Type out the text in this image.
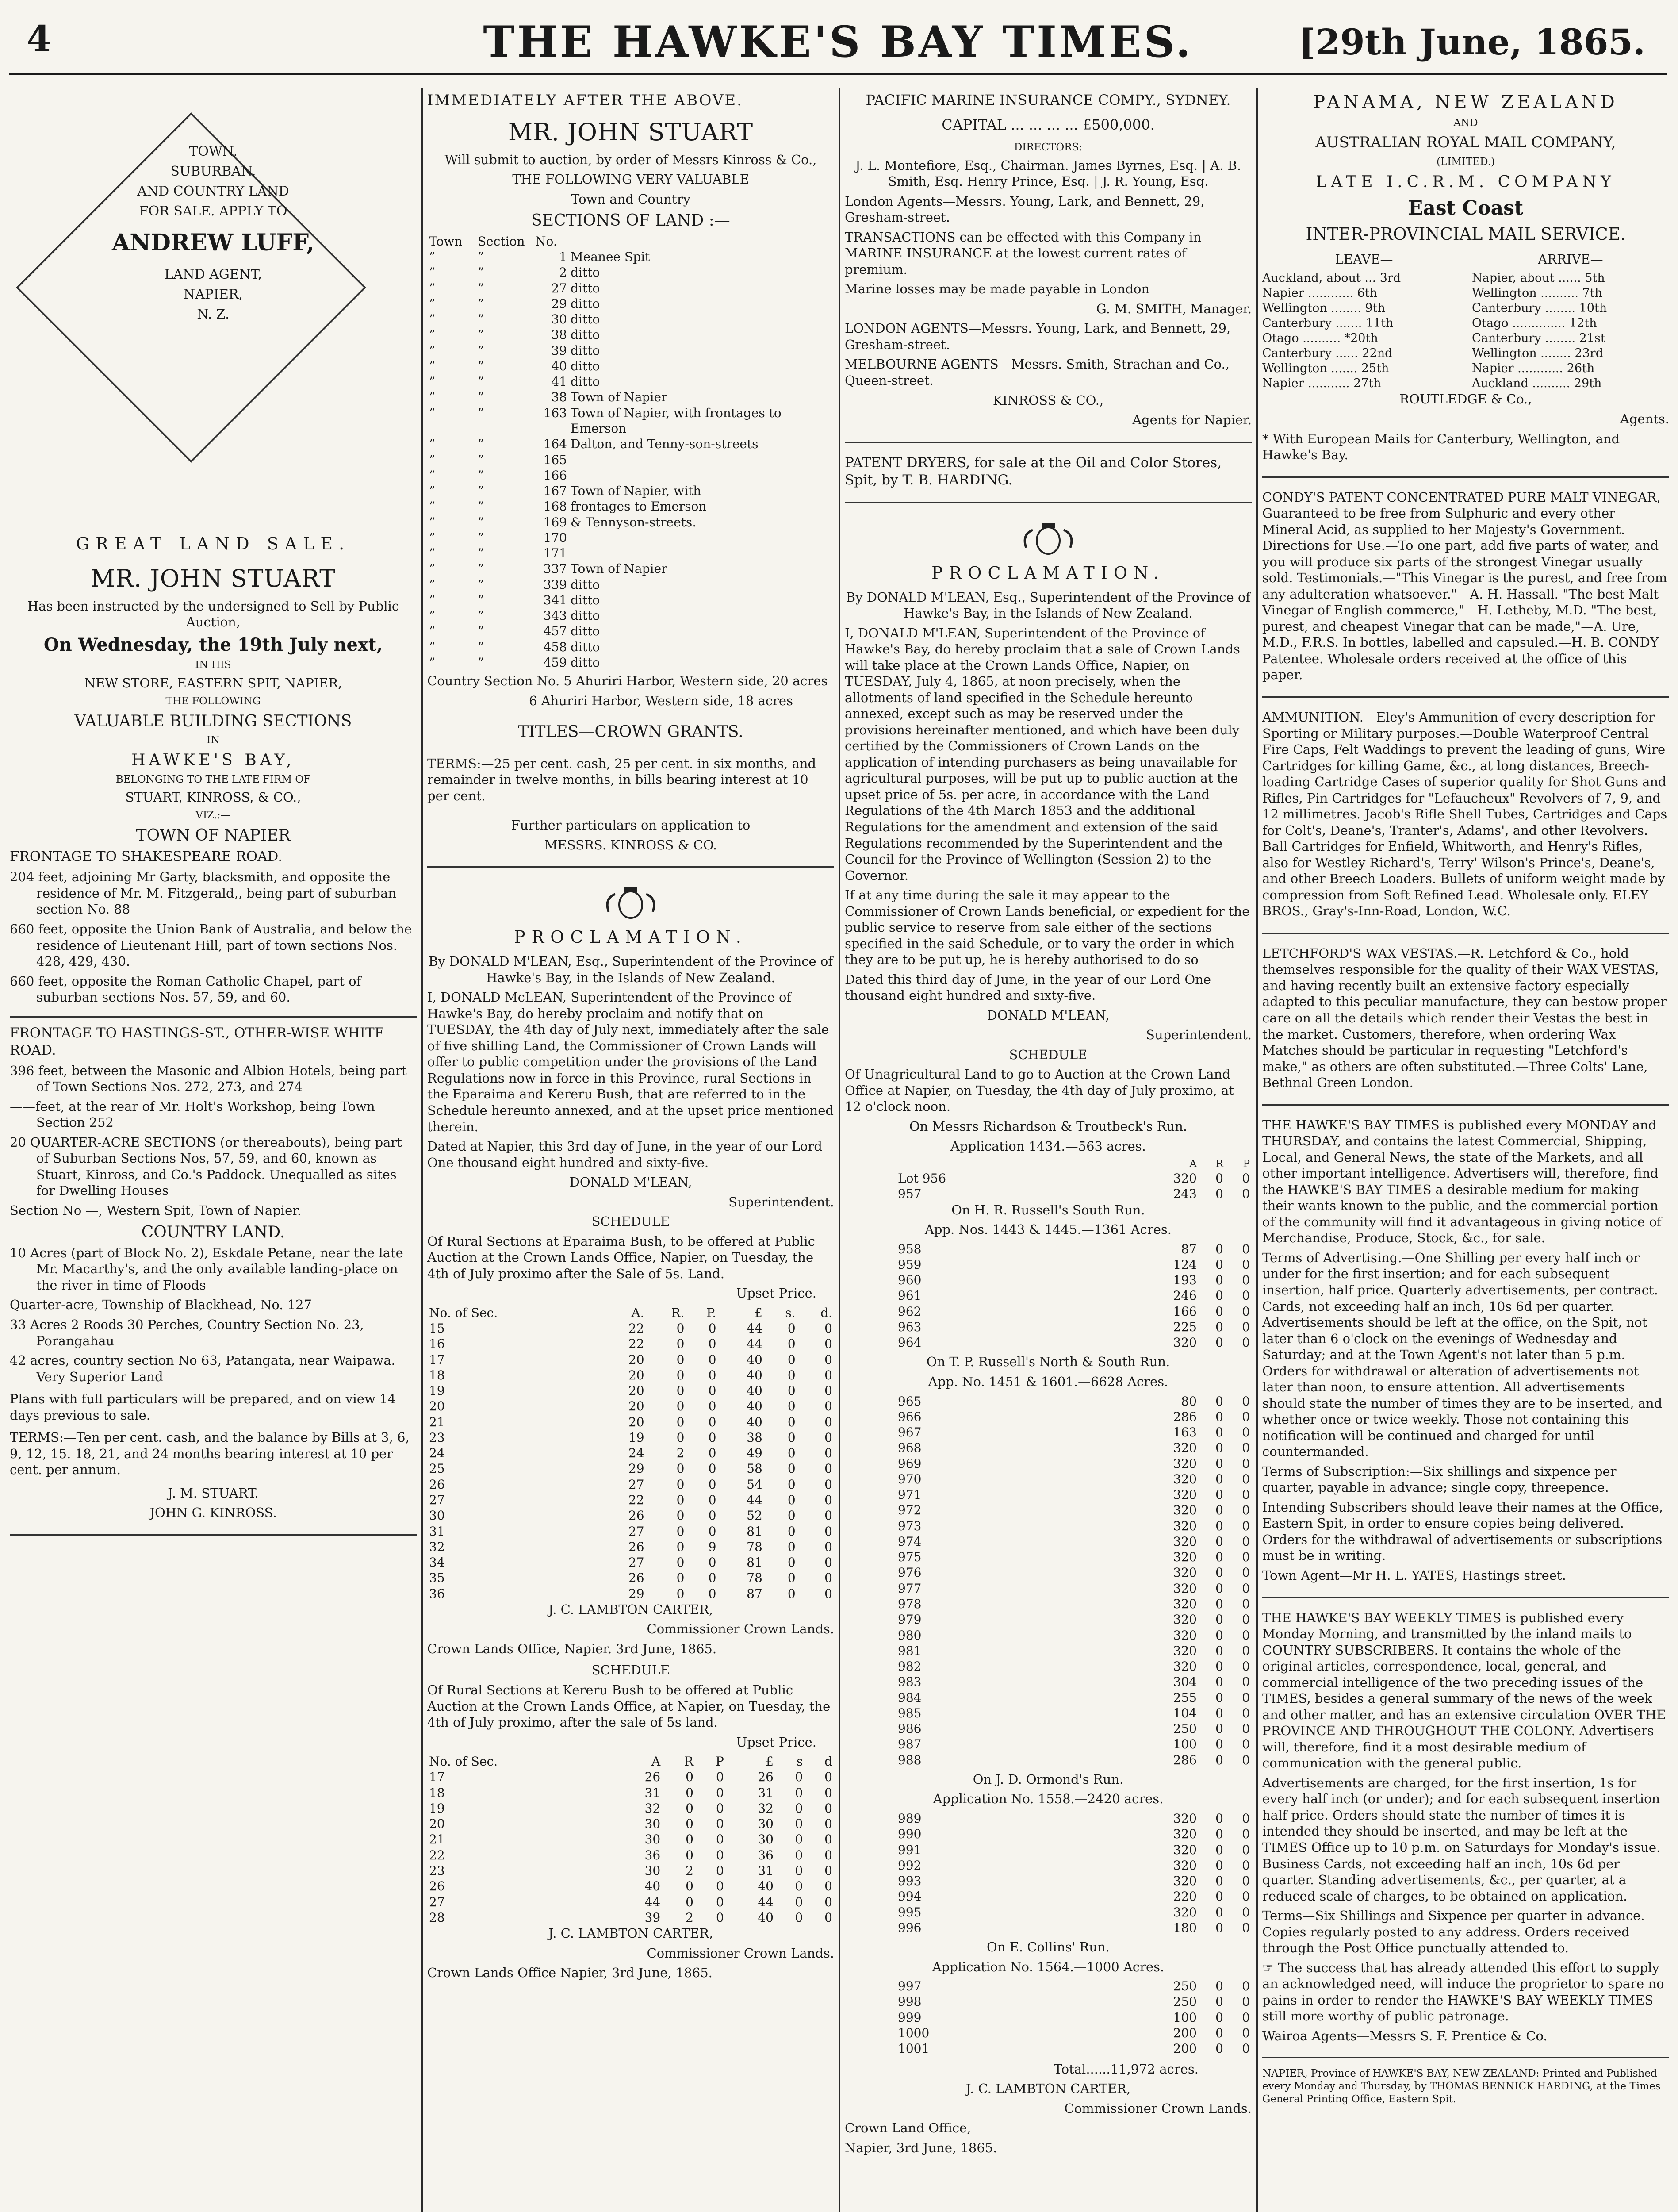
4	THE HAWKE'S BAY TIMES.	[29th June, 1865.
TOWN,
SUBURBAN,
AND COUNTRY LAND
FOR SALE. APPLY TO
ANDREW LUFF,
LAND AGENT,
NAPIER,
N. Z.
GREAT LAND SALE.
MR. JOHN STUART

Has been instructed by the undersigned to Sell by Public Auction,

On Wednesday, the 19th July next,

IN HIS

NEW STORE, EASTERN SPIT, NAPIER,

THE FOLLOWING

VALUABLE BUILDING SECTIONS

IN

HAWKE'S BAY,

BELONGING TO THE LATE FIRM OF

STUART, KINROSS, & CO.,

VIZ.:—

TOWN OF NAPIER

FRONTAGE TO SHAKESPEARE ROAD.

204 feet, adjoining Mr Garty, blacksmith, and opposite the residence of Mr. M. Fitzgerald,, being part of suburban section No. 88

660 feet, opposite the Union Bank of Australia, and below the residence of Lieutenant Hill, part of town sections Nos. 428, 429, 430.

660 feet, opposite the Roman Catholic Chapel, part of suburban sections Nos. 57, 59, and 60.

FRONTAGE TO HASTINGS-ST., OTHER-WISE WHITE ROAD.

396 feet, between the Masonic and Albion Hotels, being part of Town Sections Nos. 272, 273, and 274

——feet, at the rear of Mr. Holt's Workshop, being Town Section 252

20 QUARTER-ACRE SECTIONS (or thereabouts), being part of Suburban Sections Nos, 57, 59, and 60, known as Stuart, Kinross, and Co.'s Paddock. Unequalled as sites for Dwelling Houses

Section No —, Western Spit, Town of Napier.

COUNTRY LAND.

10 Acres (part of Block No. 2), Eskdale Petane, near the late Mr. Macarthy's, and the only available landing-place on the river in time of Floods

Quarter-acre, Township of Blackhead, No. 127

33 Acres 2 Roods 30 Perches, Country Section No. 23, Porangahau

42 acres, country section No 63, Patangata, near Waipawa. Very Superior Land

Plans with full particulars will be prepared, and on view 14 days previous to sale.

TERMS:—Ten per cent. cash, and the balance by Bills at 3, 6, 9, 12, 15. 18, 21, and 24 months bearing interest at 10 per cent. per annum.

J. M. STUART.

JOHN G. KINROSS.

IMMEDIATELY AFTER THE ABOVE.

MR. JOHN STUART

Will submit to auction, by order of Messrs Kinross & Co.,

THE FOLLOWING VERY VALUABLE

Town and Country

SECTIONS OF LAND :—
Town	Section	No.	
”	”	1	Meanee Spit
”	”	2	ditto
”	”	27	ditto
”	”	29	ditto
”	”	30	ditto
”	”	38	ditto
”	”	39	ditto
”	”	40	ditto
”	”	41	ditto
”	”	38	Town of Napier
”	”	163	Town of Napier, with frontages to Emerson
”	”	164	Dalton, and Tenny-son-streets
”	”	165	
”	”	166	
”	”	167	Town of Napier, with
”	”	168	frontages to Emerson
”	”	169	& Tennyson-streets.
”	”	170	
”	”	171	
”	”	337	Town of Napier
”	”	339	ditto
”	”	341	ditto
”	”	343	ditto
”	”	457	ditto
”	”	458	ditto
”	”	459	ditto

Country Section No. 5 Ahuriri Harbor, Western side, 20 acres

6 Ahuriri Harbor, Western side, 18 acres

TITLES—CROWN GRANTS.

TERMS:—25 per cent. cash, 25 per cent. in six months, and remainder in twelve months, in bills bearing interest at 10 per cent.

Further particulars on application to

MESSRS. KINROSS & CO.

PROCLAMATION.

By DONALD M'LEAN, Esq., Superintendent of the Province of Hawke's Bay, in the Islands of New Zealand.

I, DONALD McLEAN, Superintendent of the Province of Hawke's Bay, do hereby proclaim and notify that on TUESDAY, the 4th day of July next, immediately after the sale of five shilling Land, the Commissioner of Crown Lands will offer to public competition under the provisions of the Land Regulations now in force in this Province, rural Sections in the Eparaima and Kereru Bush, that are referred to in the Schedule hereunto annexed, and at the upset price mentioned therein.

Dated at Napier, this 3rd day of June, in the year of our Lord One thousand eight hundred and sixty-five.

DONALD M'LEAN,

Superintendent.

SCHEDULE

Of Rural Sections at Eparaima Bush, to be offered at Public Auction at the Crown Lands Office, Napier, on Tuesday, the 4th of July proximo after the Sale of 5s. Land.

Upset Price.

No. of Sec.	A.	R.	P.	£	s.	d.
15	22	0	0	44	0	0
16	22	0	0	44	0	0
17	20	0	0	40	0	0
18	20	0	0	40	0	0
19	20	0	0	40	0	0
20	20	0	0	40	0	0
21	20	0	0	40	0	0
23	19	0	0	38	0	0
24	24	2	0	49	0	0
25	29	0	0	58	0	0
26	27	0	0	54	0	0
27	22	0	0	44	0	0
30	26	0	0	52	0	0
31	27	0	0	81	0	0
32	26	0	9	78	0	0
34	27	0	0	81	0	0
35	26	0	0	78	0	0
36	29	0	0	87	0	0

J. C. LAMBTON CARTER,

Commissioner Crown Lands.

Crown Lands Office, Napier. 3rd June, 1865.

SCHEDULE

Of Rural Sections at Kereru Bush to be offered at Public Auction at the Crown Lands Office, at Napier, on Tuesday, the 4th of July proximo, after the sale of 5s land.

Upset Price.

No. of Sec.	A	R	P	£	s	d
17	26	0	0	26	0	0
18	31	0	0	31	0	0
19	32	0	0	32	0	0
20	30	0	0	30	0	0
21	30	0	0	30	0	0
22	36	0	0	36	0	0
23	30	2	0	31	0	0
26	40	0	0	40	0	0
27	44	0	0	44	0	0
28	39	2	0	40	0	0

J. C. LAMBTON CARTER,

Commissioner Crown Lands.

Crown Lands Office Napier, 3rd June, 1865.

PACIFIC MARINE INSURANCE COMPY., SYDNEY.

CAPITAL ... ... ... ... £500,000.

DIRECTORS:

J. L. Montefiore, Esq., Chairman. James Byrnes, Esq. | A. B. Smith, Esq. Henry Prince, Esq. | J. R. Young, Esq.

London Agents—Messrs. Young, Lark, and Bennett, 29, Gresham-street.

TRANSACTIONS can be effected with this Company in MARINE INSURANCE at the lowest current rates of premium.

Marine losses may be made payable in London

G. M. SMITH, Manager.

LONDON AGENTS—Messrs. Young, Lark, and Bennett, 29, Gresham-street.

MELBOURNE AGENTS—Messrs. Smith, Strachan and Co., Queen-street.

KINROSS & CO.,

Agents for Napier.

PATENT DRYERS, for sale at the Oil and Color Stores, Spit, by T. B. HARDING.

PROCLAMATION.

By DONALD M'LEAN, Esq., Superintendent of the Province of Hawke's Bay, in the Islands of New Zealand.

I, DONALD M'LEAN, Superintendent of the Province of Hawke's Bay, do hereby proclaim that a sale of Crown Lands will take place at the Crown Lands Office, Napier, on TUESDAY, July 4, 1865, at noon precisely, when the allotments of land specified in the Schedule hereunto annexed, except such as may be reserved under the provisions hereinafter mentioned, and which have been duly certified by the Commissioners of Crown Lands on the application of intending purchasers as being unavailable for agricultural purposes, will be put up to public auction at the upset price of 5s. per acre, in accordance with the Land Regulations of the 4th March 1853 and the additional Regulations for the amendment and extension of the said Regulations recommended by the Superintendent and the Council for the Province of Wellington (Session 2) to the Governor.

If at any time during the sale it may appear to the Commissioner of Crown Lands beneficial, or expedient for the public service to reserve from sale either of the sections specified in the said Schedule, or to vary the order in which they are to be put up, he is hereby authorised to do so

Dated this third day of June, in the year of our Lord One thousand eight hundred and sixty-five.

DONALD M'LEAN,

Superintendent.

SCHEDULE

Of Unagricultural Land to go to Auction at the Crown Land Office at Napier, on Tuesday, the 4th day of July proximo, at 12 o'clock noon.

On Messrs Richardson & Troutbeck's Run.

Application 1434.—563 acres.

	A	R	P
Lot 956	320	0	0
957	243	0	0

On H. R. Russell's South Run.

App. Nos. 1443 & 1445.—1361 Acres.

958	87	0	0
959	124	0	0
960	193	0	0
961	246	0	0
962	166	0	0
963	225	0	0
964	320	0	0

On T. P. Russell's North & South Run.

App. No. 1451 & 1601.—6628 Acres.

965	80	0	0
966	286	0	0
967	163	0	0
968	320	0	0
969	320	0	0
970	320	0	0
971	320	0	0
972	320	0	0
973	320	0	0
974	320	0	0
975	320	0	0
976	320	0	0
977	320	0	0
978	320	0	0
979	320	0	0
980	320	0	0
981	320	0	0
982	320	0	0
983	304	0	0
984	255	0	0
985	104	0	0
986	250	0	0
987	100	0	0
988	286	0	0

On J. D. Ormond's Run.

Application No. 1558.—2420 acres.

989	320	0	0
990	320	0	0
991	320	0	0
992	320	0	0
993	320	0	0
994	220	0	0
995	320	0	0
996	180	0	0

On E. Collins' Run.

Application No. 1564.—1000 Acres.

997	250	0	0
998	250	0	0
999	100	0	0
1000	200	0	0
1001	200	0	0

Total......11,972 acres.

J. C. LAMBTON CARTER,

Commissioner Crown Lands.

Crown Land Office,

Napier, 3rd June, 1865.

PANAMA, NEW ZEALAND

AND

AUSTRALIAN ROYAL MAIL COMPANY,

(LIMITED.)

LATE I.C.R.M. COMPANY

East Coast

INTER-PROVINCIAL MAIL SERVICE.

LEAVE—

Auckland, about ... 3rd
Napier ............ 6th
Wellington ........ 9th
Canterbury ....... 11th
Otago .......... *20th
Canterbury ...... 22nd
Wellington ....... 25th
Napier ........... 27th

ARRIVE—

Napier, about ...... 5th
Wellington .......... 7th
Canterbury ........ 10th
Otago .............. 12th
Canterbury ........ 21st
Wellington ........ 23rd
Napier ............ 26th
Auckland .......... 29th

ROUTLEDGE & Co.,

Agents.

* With European Mails for Canterbury, Wellington, and Hawke's Bay.

CONDY'S PATENT CONCENTRATED PURE MALT VINEGAR, Guaranteed to be free from Sulphuric and every other Mineral Acid, as supplied to her Majesty's Government. Directions for Use.—To one part, add five parts of water, and you will produce six parts of the strongest Vinegar usually sold. Testimonials.—"This Vinegar is the purest, and free from any adulteration whatsoever."—A. H. Hassall. "The best Malt Vinegar of English commerce,"—H. Letheby, M.D. "The best, purest, and cheapest Vinegar that can be made,"—A. Ure, M.D., F.R.S. In bottles, labelled and capsuled.—H. B. CONDY Patentee. Wholesale orders received at the office of this paper.

AMMUNITION.—Eley's Ammunition of every description for Sporting or Military purposes.—Double Waterproof Central Fire Caps, Felt Waddings to prevent the leading of guns, Wire Cartridges for killing Game, &c., at long distances, Breech-loading Cartridge Cases of superior quality for Shot Guns and Rifles, Pin Cartridges for "Lefaucheux" Revolvers of 7, 9, and 12 millimetres. Jacob's Rifle Shell Tubes, Cartridges and Caps for Colt's, Deane's, Tranter's, Adams', and other Revolvers. Ball Cartridges for Enfield, Whitworth, and Henry's Rifles, also for Westley Richard's, Terry' Wilson's Prince's, Deane's, and other Breech Loaders. Bullets of uniform weight made by compression from Soft Refined Lead. Wholesale only. ELEY BROS., Gray's-Inn-Road, London, W.C.

LETCHFORD'S WAX VESTAS.—R. Letchford & Co., hold themselves responsible for the quality of their WAX VESTAS, and having recently built an extensive factory especially adapted to this peculiar manufacture, they can bestow proper care on all the details which render their Vestas the best in the market. Customers, therefore, when ordering Wax Matches should be particular in requesting "Letchford's make," as others are often substituted.—Three Colts' Lane, Bethnal Green London.

THE HAWKE'S BAY TIMES is published every MONDAY and THURSDAY, and contains the latest Commercial, Shipping, Local, and General News, the state of the Markets, and all other important intelligence. Advertisers will, therefore, find the HAWKE'S BAY TIMES a desirable medium for making their wants known to the public, and the commercial portion of the community will find it advantageous in giving notice of Merchandise, Produce, Stock, &c., for sale.

Terms of Advertising.—One Shilling per every half inch or under for the first insertion; and for each subsequent insertion, half price. Quarterly advertisements, per contract. Cards, not exceeding half an inch, 10s 6d per quarter. Advertisements should be left at the office, on the Spit, not later than 6 o'clock on the evenings of Wednesday and Saturday; and at the Town Agent's not later than 5 p.m. Orders for withdrawal or alteration of advertisements not later than noon, to ensure attention. All advertisements should state the number of times they are to be inserted, and whether once or twice weekly. Those not containing this notification will be continued and charged for until countermanded.

Terms of Subscription:—Six shillings and sixpence per quarter, payable in advance; single copy, threepence.

Intending Subscribers should leave their names at the Office, Eastern Spit, in order to ensure copies being delivered. Orders for the withdrawal of advertisements or subscriptions must be in writing.

Town Agent—Mr H. L. YATES, Hastings street.

THE HAWKE'S BAY WEEKLY TIMES is published every Monday Morning, and transmitted by the inland mails to COUNTRY SUBSCRIBERS. It contains the whole of the original articles, correspondence, local, general, and commercial intelligence of the two preceding issues of the TIMES, besides a general summary of the news of the week and other matter, and has an extensive circulation OVER THE PROVINCE AND THROUGHOUT THE COLONY. Advertisers will, therefore, find it a most desirable medium of communication with the general public.

Advertisements are charged, for the first insertion, 1s for every half inch (or under); and for each subsequent insertion half price. Orders should state the number of times it is intended they should be inserted, and may be left at the TIMES Office up to 10 p.m. on Saturdays for Monday's issue. Business Cards, not exceeding half an inch, 10s 6d per quarter. Standing advertisements, &c., per quarter, at a reduced scale of charges, to be obtained on application.

Terms—Six Shillings and Sixpence per quarter in advance. Copies regularly posted to any address. Orders received through the Post Office punctually attended to.

☞ The success that has already attended this effort to supply an acknowledged need, will induce the proprietor to spare no pains in order to render the HAWKE'S BAY WEEKLY TIMES still more worthy of public patronage.

Wairoa Agents—Messrs S. F. Prentice & Co.

NAPIER, Province of HAWKE'S BAY, NEW ZEALAND: Printed and Published every Monday and Thursday, by THOMAS BENNICK HARDING, at the Times General Printing Office, Eastern Spit.
